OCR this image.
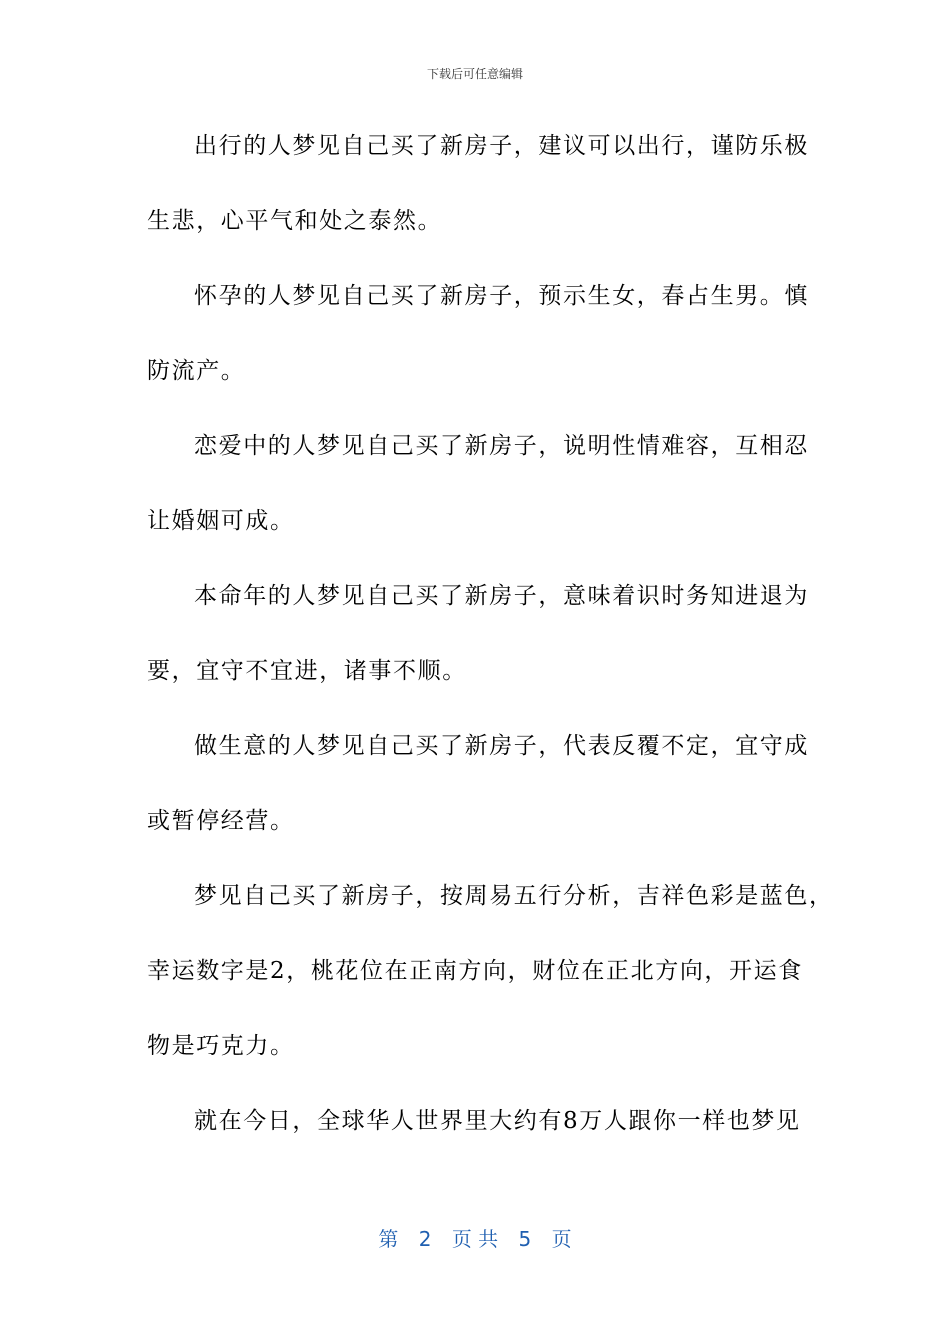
下载后可任意编辑
出行的人梦见自己买了新房子，建议可以出行，谨防乐极
生悲，心平气和处之泰然。
怀孕的人梦见自己买了新房子，预示生女，春占生男。慎
防流产。
恋爱中的人梦见自己买了新房子，说明性情难容，互相忍
让婚姻可成。
本命年的人梦见自己买了新房子，意味着识时务知进退为
要，宜守不宜进，诸事不顺。
做生意的人梦见自己买了新房子，代表反覆不定，宜守成
或暂停经营。
梦见自己买了新房子，按周易五行分析，吉祥色彩是蓝色，
幸运数字是2，桃花位在正南方向，财位在正北方向，开运食
物是巧克力。
就在今日，全球华人世界里大约有8万人跟你一样也梦见
第 2 页 共 5 页
